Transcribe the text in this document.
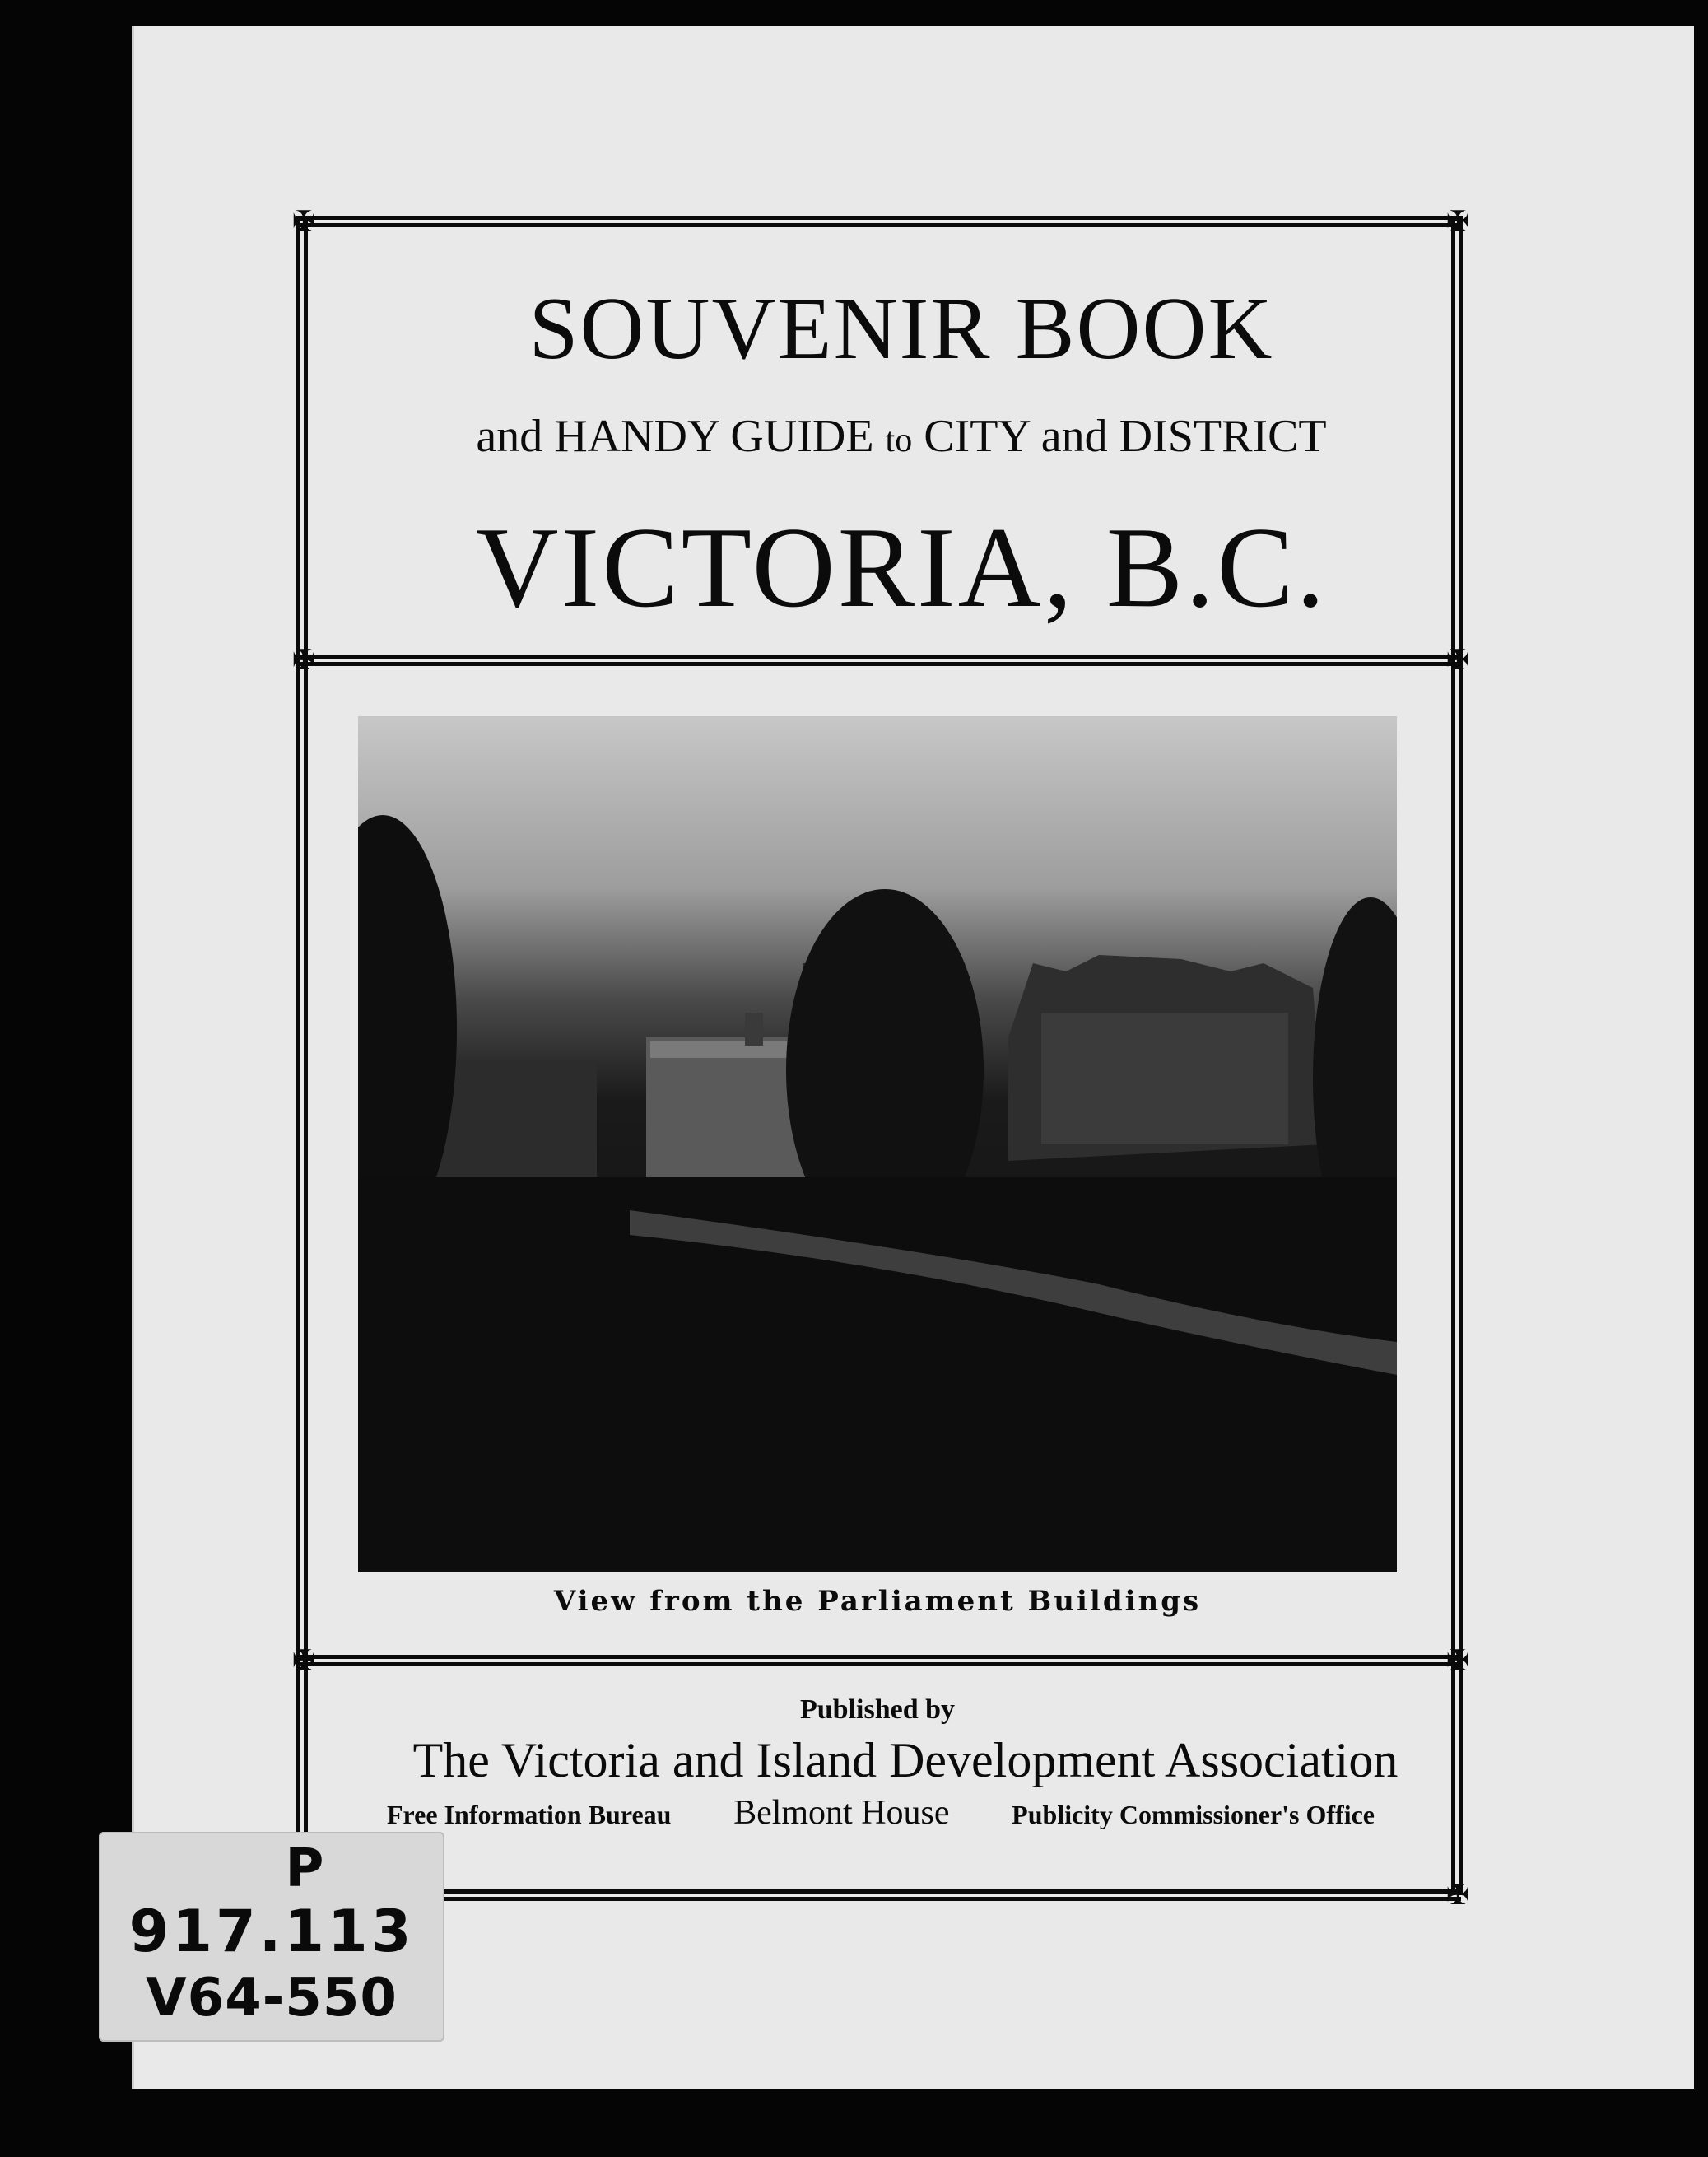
✠	✠
✠	✠
✠	✠
✠
SOUVENIR BOOK
and HANDY GUIDE to CITY and DISTRICT
VICTORIA, B.C.
View from the Parliament Buildings
Published by
The Victoria and Island Development Association
Free Information Bureau Belmont House Publicity Commissioner's Office
P
917.113
V64-550
